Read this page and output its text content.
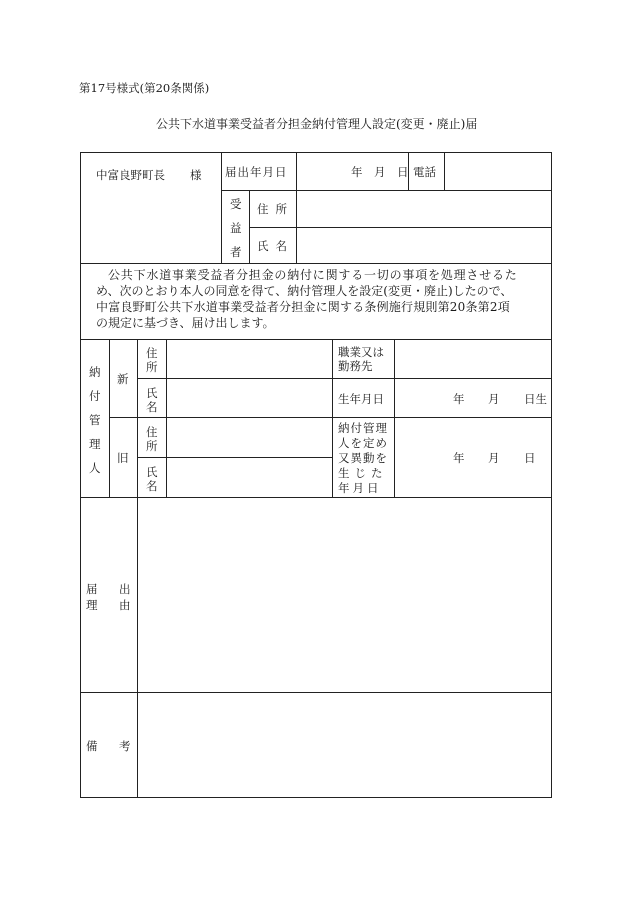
第17号様式(第20条関係)
公共下水道事業受益者分担金納付管理人設定(変更・廃止)届
中富良野町長 様 届出年月日	年 月 日 電話
受
益
者
住所
氏名
公共下水道事業受益者分担金の納付に関する一切の事項を処理させるた
め、次のとおり本人の同意を得て、納付管理人を設定(変更・廃止)したので、
中富良野町公共下水道事業受益者分担金に関する条例施行規則第20条第2項
の規定に基づき、届け出します。
納
付
管
理
人
新
旧
住
所
氏
名
職業又は
勤務先
生年月日	年 月 日生
住
所
氏
名
納付管理
人を定め
又異動を
生じた
年月日
年 月 日
届 出
理 由
備 考
